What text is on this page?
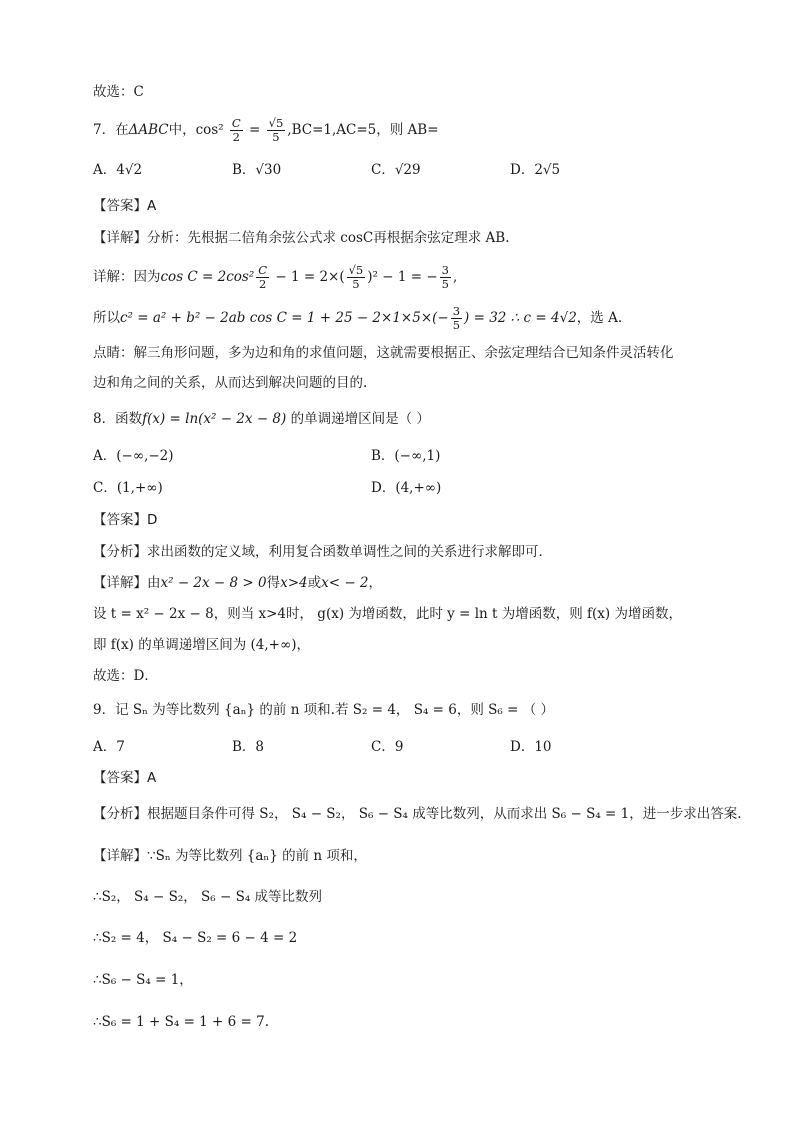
故选：C
7．在ΔABC中，$\cos^2 \frac{C}{2} = \frac{√5}{5} ,BC=1,AC=5$，则 AB=
A．4√2	B．√30	C．√29	D．2√5
【答案】A
【详解】分析：先根据二倍角余弦公式求 cosC再根据余弦定理求 AB.
详解：因为$\cos C = 2\cos^2 \frac{C}{2} - 1 = 2\times( \frac{√5}{5} )^2 - 1$ = − $\frac{3}{5}$ ,
所以c² = a² + b² − 2ab $\cos C = 1 + 25 - 2\times 1\times 5\times(- \frac{3}{5}$ ) = 32 ∴ c = 4√2，选 A.
点睛：解三角形问题，多为边和角的求值问题，这就需要根据正、余弦定理结合已知条件灵活转化
边和角之间的关系，从而达到解决问题的目的.
8．函数f(x) = ln(x² − 2x − 8) 的单调递增区间是（ ）
A．(−∞,−2)	B．(−∞,1)
C．(1,+∞)	D．(4,+∞)
【答案】D
【分析】求出函数的定义域，利用复合函数单调性之间的关系进行求解即可．
【详解】由x² − 2x − 8 > 0得x>4或x< − 2，
设 t = x² − 2x − 8，则当 x>4时， g(x) 为增函数，此时 y = ln t 为增函数，则 f(x) 为增函数，
即 f(x) 的单调递增区间为 (4,+∞)，
故选：D．
9．记 Sₙ 为等比数列 {aₙ} 的前 n 项和.若 S₂ = 4， S₄ = 6，则 S₆ = （ ）
A．7	B．8	C．9	D．10
【答案】A
【分析】根据题目条件可得 S₂， S₄ − S₂， S₆ − S₄ 成等比数列，从而求出 S₆ − S₄ = 1，进一步求出答案.
【详解】∵Sₙ 为等比数列 {aₙ} 的前 n 项和，
∴S₂， S₄ − S₂， S₆ − S₄ 成等比数列
∴S₂ = 4， S₄ − S₂ = 6 − 4 = 2
∴S₆ − S₄ = 1，
∴S₆ = 1 + S₄ = 1 + 6 = 7.
